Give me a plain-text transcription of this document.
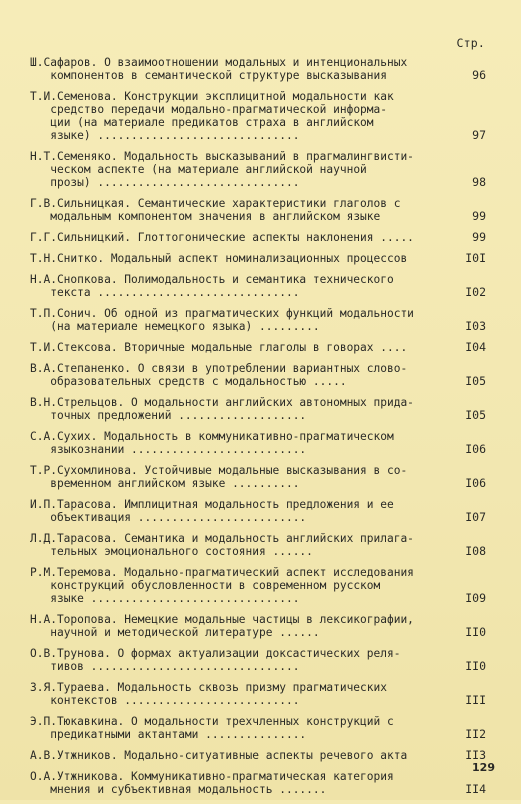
Стр.
Ш.Сафаров. О взаимоотношении модальных и интенциональных
компонентов в семантической структуре высказывания	96
Т.И.Семенова. Конструкции эксплицитной модальности как
средство передачи модально-прагматической информа-
ции (на материале предикатов страха в английском
языке) ..............................	97
Н.Т.Семеняко. Модальность высказываний в прагмалингвисти-
ческом аспекте (на материале английской научной
прозы) ..............................	98
Г.В.Сильницкая. Семантические характеристики глаголов с
модальным компонентом значения в английском языке	99
Г.Г.Сильницкий. Глоттогонические аспекты наклонения .....	99
Т.Н.Снитко. Модальный аспект номинализационных процессов	I0I
Н.А.Снопкова. Полимодальность и семантика технического
текста ..............................	I02
Т.П.Сонич. Об одной из прагматических функций модальности
(на материале немецкого языка) .........	I03
Т.И.Стексова. Вторичные модальные глаголы в говорах ....	I04
В.А.Степаненко. О связи в употреблении вариантных слово-
образовательных средств с модальностью .....	I05
В.Н.Стрельцов. О модальности английских автономных прида-
точных предложений ...................	I05
С.А.Сухих. Модальность в коммуникативно-прагматическом
языкознании ..........................	I06
Т.Р.Сухомлинова. Устойчивые модальные высказывания в со-
временном английском языке ..........	I06
И.П.Тарасова. Имплицитная модальность предложения и ее
объективация .........................	I07
Л.Д.Тарасова. Семантика и модальность английских прилага-
тельных эмоционального состояния ......	I08
Р.М.Теремова. Модально-прагматический аспект исследования
конструкций обусловленности в современном русском
языке ...............................	I09
Н.А.Торопова. Немецкие модальные частицы в лексикографии,
научной и методической литературе ......	II0
О.В.Трунова. О формах актуализации доксастических реля-
тивов ...............................	II0
З.Я.Тураева. Модальность сквозь призму прагматических
контекстов ..........................	III
Э.П.Тюкавкина. О модальности трехчленных конструкций с
предикатными актантами ...............	II2
А.В.Утжников. Модально-ситуативные аспекты речевого акта	II3
О.А.Утжникова. Коммуникативно-прагматическая категория
мнения и субъективная модальность .......	II4
129
